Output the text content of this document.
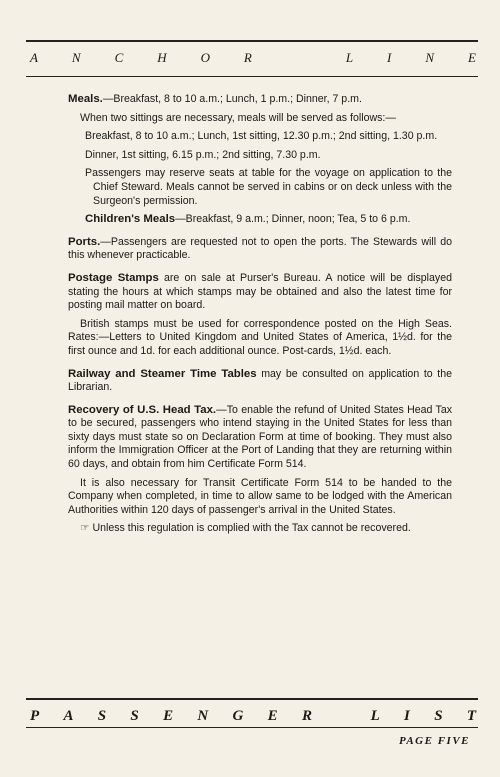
A	N	C	H	O	R	L	I	N	E

Meals.—Breakfast, 8 to 10 a.m.; Lunch, 1 p.m.; Dinner, 7 p.m.

When two sittings are necessary, meals will be served as follows:—

Breakfast, 8 to 10 a.m.; Lunch, 1st sitting, 12.30 p.m.; 2nd sitting, 1.30 p.m.

Dinner, 1st sitting, 6.15 p.m.; 2nd sitting, 7.30 p.m.

Passengers may reserve seats at table for the voyage on application to the Chief Steward. Meals cannot be served in cabins or on deck unless with the Surgeon's permission.

Children's Meals—Breakfast, 9 a.m.; Dinner, noon; Tea, 5 to 6 p.m.

Ports.—Passengers are requested not to open the ports. The Stewards will do this whenever practicable.

Postage Stamps are on sale at Purser's Bureau. A notice will be displayed stating the hours at which stamps may be obtained and also the latest time for posting mail matter on board.

British stamps must be used for correspondence posted on the High Seas. Rates:—Letters to United Kingdom and United States of America, 1½d. for the first ounce and 1d. for each additional ounce. Post-cards, 1½d. each.

Railway and Steamer Time Tables may be consulted on application to the Librarian.

Recovery of U.S. Head Tax.—To enable the refund of United States Head Tax to be secured, passengers who intend staying in the United States for less than sixty days must state so on Declaration Form at time of booking. They must also inform the Immigration Officer at the Port of Landing that they are returning within 60 days, and obtain from him Certificate Form 514.

It is also necessary for Transit Certificate Form 514 to be handed to the Company when completed, in time to allow same to be lodged with the American Authorities within 120 days of passenger's arrival in the United States.

☞ Unless this regulation is complied with the Tax cannot be recovered.

P A S S E N G E R	L I S T
PAGE FIVE
